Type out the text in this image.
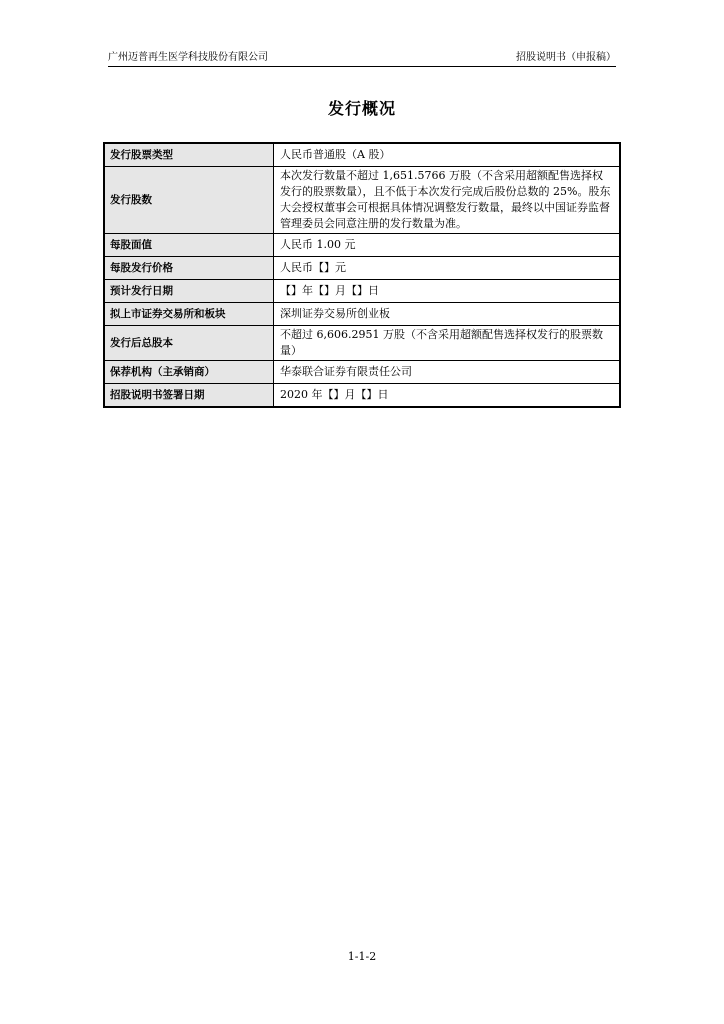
广州迈普再生医学科技股份有限公司	招股说明书（申报稿）
发行概况
发行股票类型	人民币普通股（A 股）
发行股数	本次发行数量不超过 1,651.5766 万股（不含采用超额配售选择权发行的股票数量），且不低于本次发行完成后股份总数的 25%。股东大会授权董事会可根据具体情况调整发行数量，最终以中国证券监督管理委员会同意注册的发行数量为准。
每股面值	人民币 1.00 元
每股发行价格	人民币【】元
预计发行日期	【】年【】月【】日
拟上市证券交易所和板块	深圳证券交易所创业板
发行后总股本	不超过 6,606.2951 万股（不含采用超额配售选择权发行的股票数量）
保荐机构（主承销商）	华泰联合证券有限责任公司
招股说明书签署日期	2020 年【】月【】日
1-1-2
